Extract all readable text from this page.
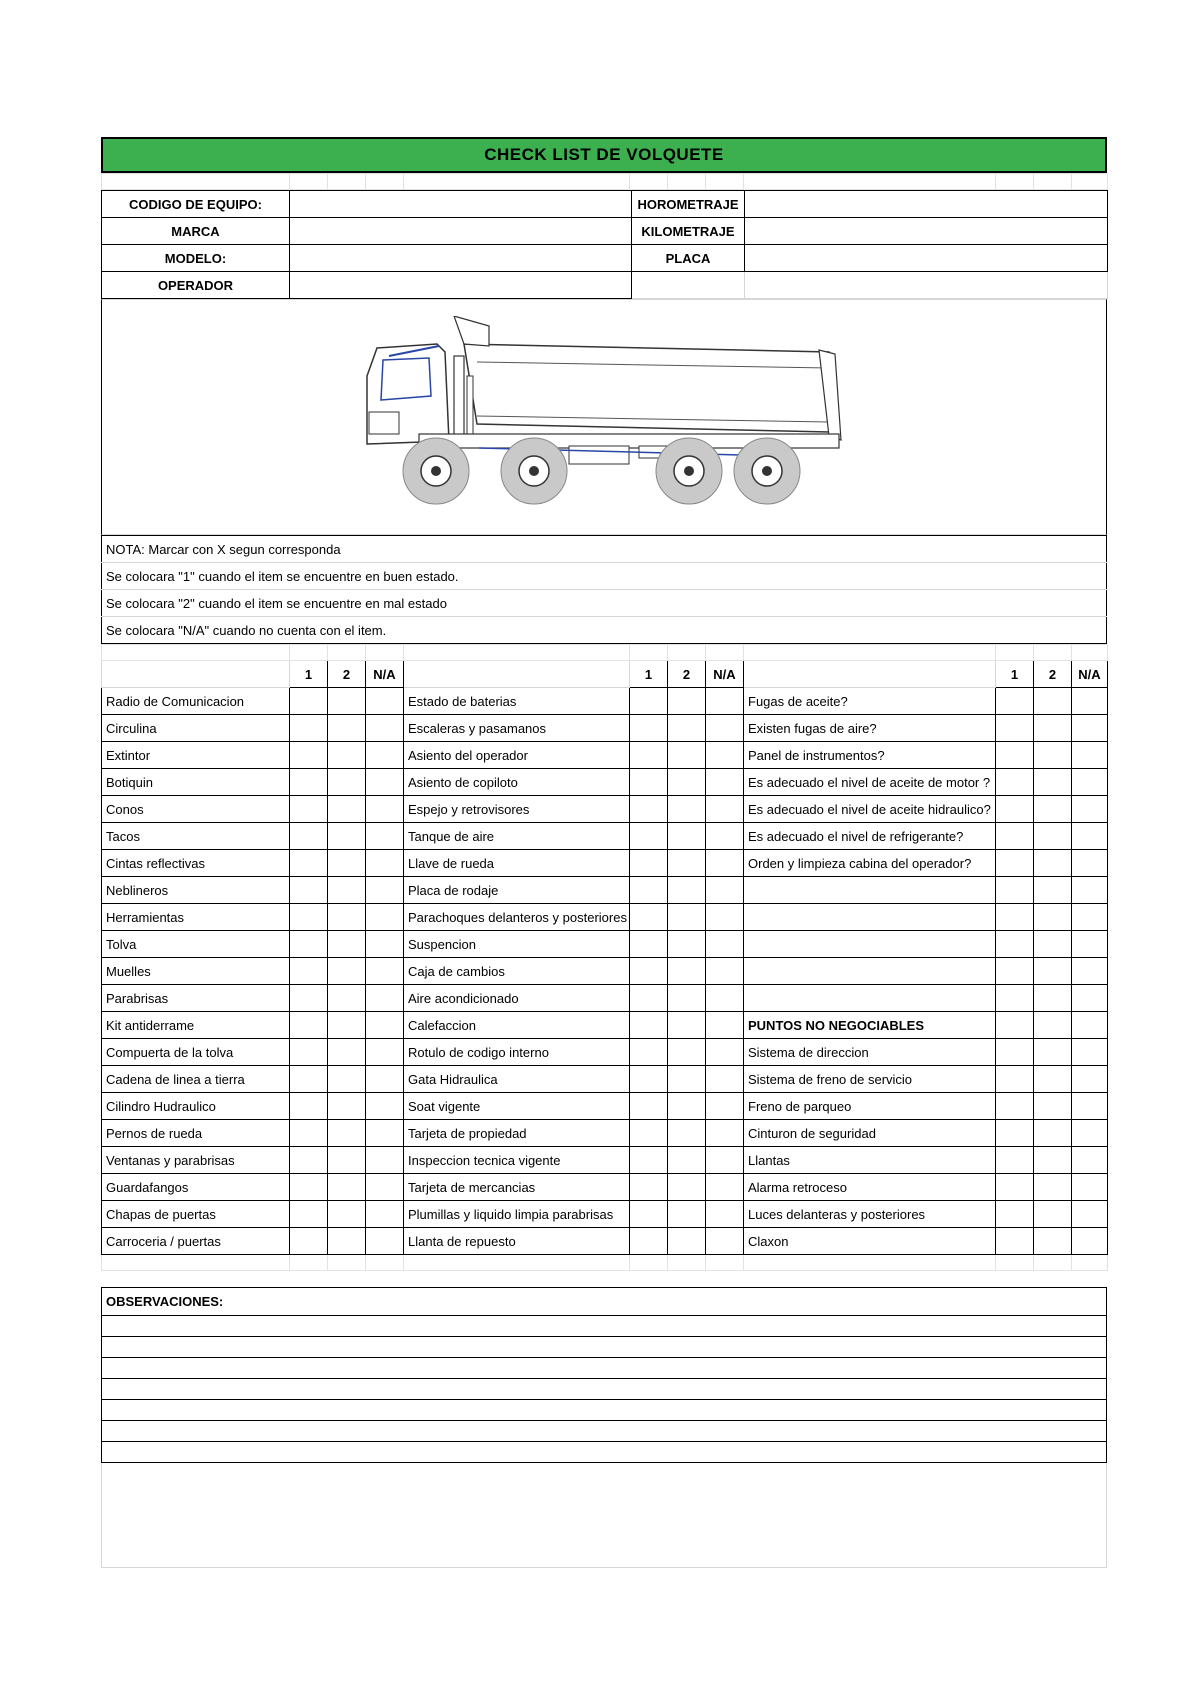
CHECK LIST DE VOLQUETE

CODIGO DE EQUIPO:		HOROMETRAJE	
MARCA		KILOMETRAJE	
MODELO:		PLACA	
OPERADOR			
NOTA: Marcar con X segun corresponda
Se colocara "1" cuando el item se encuentre en buen estado.
Se colocara "2" cuando el item se encuentre en mal estado
Se colocara "N/A" cuando no cuenta con el item.

	1	2	N/A		1	2	N/A		1	2	N/A
Radio de Comunicacion				Estado de baterias				Fugas de aceite?			
Circulina				Escaleras y pasamanos				Existen fugas de aire?			
Extintor				Asiento del operador				Panel de instrumentos?			
Botiquin				Asiento de copiloto				Es adecuado el nivel de aceite de motor ?			
Conos				Espejo y retrovisores				Es adecuado el nivel de aceite hidraulico?			
Tacos				Tanque de aire				Es adecuado el nivel de refrigerante?			
Cintas reflectivas				Llave de rueda				Orden y limpieza cabina del operador?			
Neblineros				Placa de rodaje							
Herramientas				Parachoques delanteros y posteriores							
Tolva				Suspencion							
Muelles				Caja de cambios							
Parabrisas				Aire acondicionado							
Kit antiderrame				Calefaccion				PUNTOS NO NEGOCIABLES			
Compuerta de la tolva				Rotulo de codigo interno				Sistema de direccion			
Cadena de linea a tierra				Gata Hidraulica				Sistema de freno de servicio			
Cilindro Hudraulico				Soat vigente				Freno de parqueo			
Pernos de rueda				Tarjeta de propiedad				Cinturon de seguridad			
Ventanas y parabrisas				Inspeccion tecnica vigente				Llantas			
Guardafangos				Tarjeta de mercancias				Alarma retroceso			
Chapas de puertas				Plumillas y liquido limpia parabrisas				Luces delanteras y posteriores			
Carroceria / puertas				Llanta de repuesto				Claxon			

OBSERVACIONES:
